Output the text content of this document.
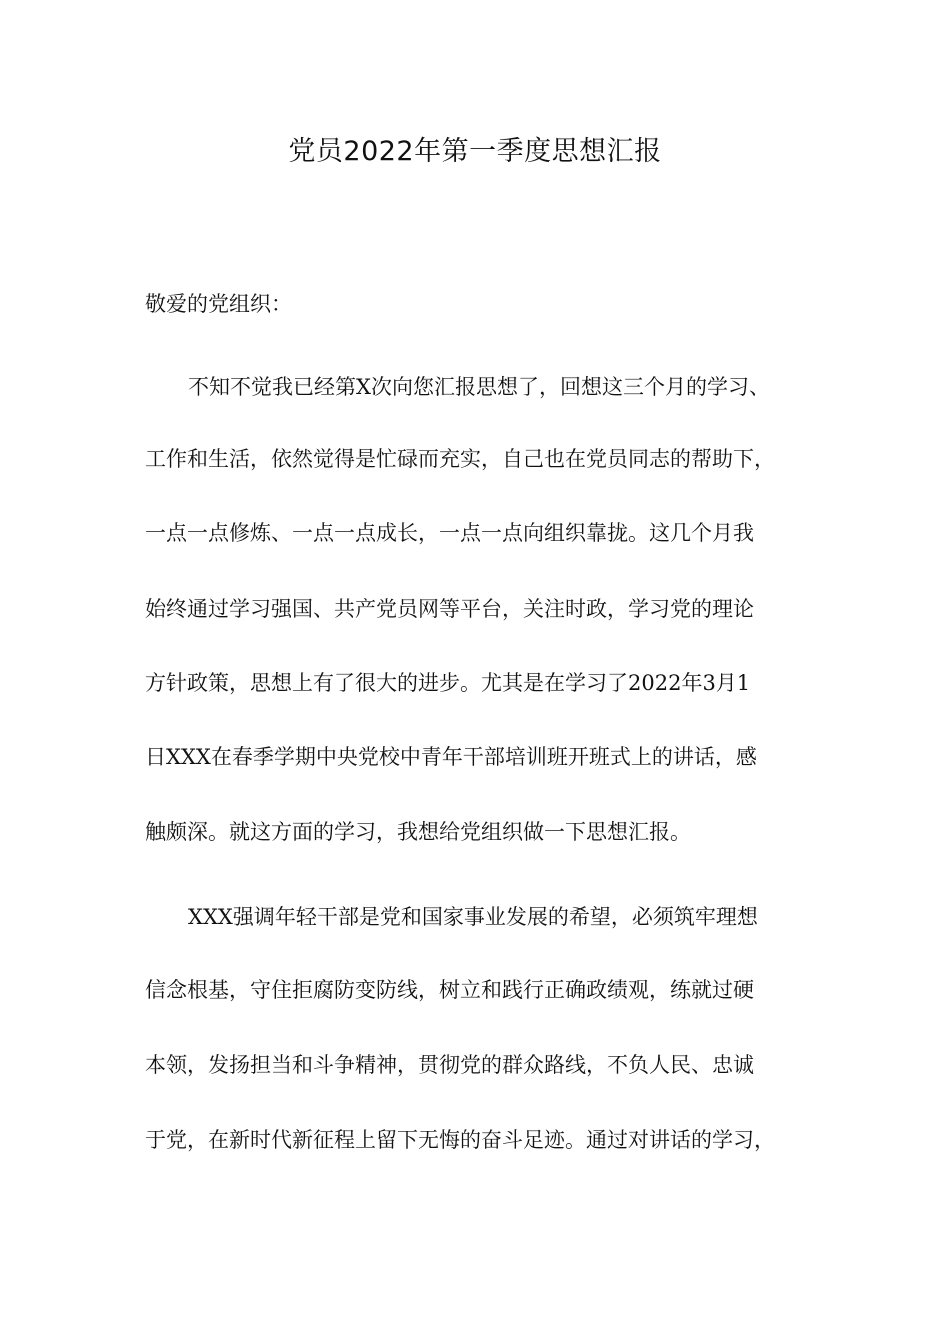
党员2022年第一季度思想汇报
敬爱的党组织：
不知不觉我已经第X次向您汇报思想了，回想这三个月的学习、
工作和生活，依然觉得是忙碌而充实，自己也在党员同志的帮助下，
一点一点修炼、一点一点成长，一点一点向组织靠拢。这几个月我
始终通过学习强国、共产党员网等平台，关注时政，学习党的理论
方针政策，思想上有了很大的进步。尤其是在学习了2022年3月1
日XXX在春季学期中央党校中青年干部培训班开班式上的讲话，感
触颇深。就这方面的学习，我想给党组织做一下思想汇报。
XXX强调年轻干部是党和国家事业发展的希望，必须筑牢理想
信念根基，守住拒腐防变防线，树立和践行正确政绩观，练就过硬
本领，发扬担当和斗争精神，贯彻党的群众路线，不负人民、忠诚
于党，在新时代新征程上留下无悔的奋斗足迹。通过对讲话的学习，
